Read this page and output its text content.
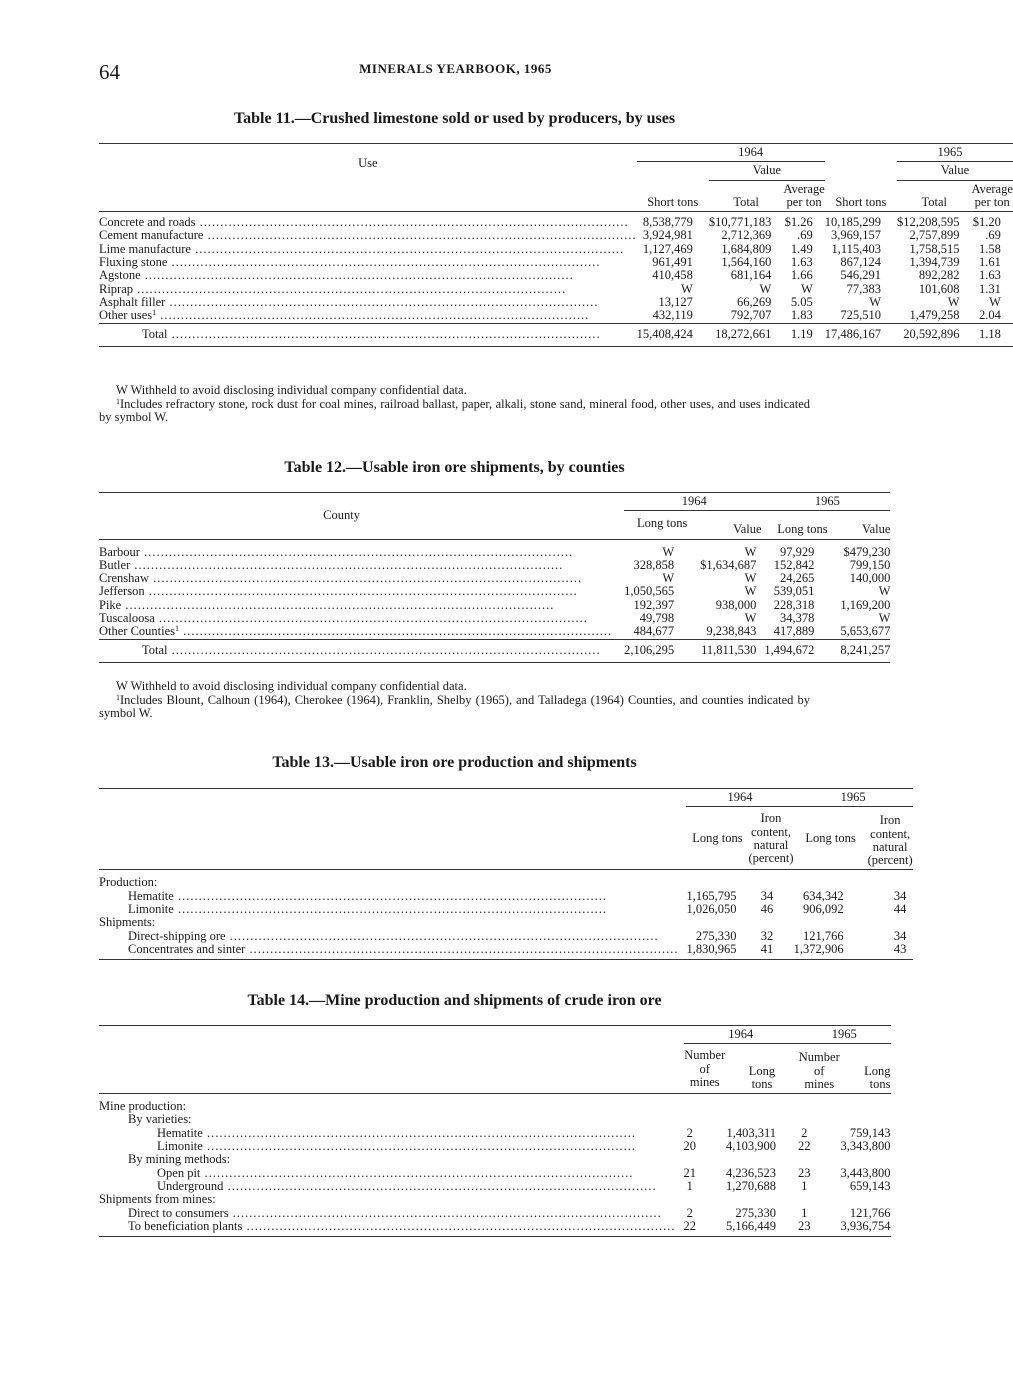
64	MINERALS YEARBOOK, 1965
Table 11.—Crushed limestone sold or used by producers, by uses
Use	1964				1965	
		Value			Value	
	Short tons	Total	Average
per ton	Short tons	Total	Average
per ton
Concrete and roads .....	8,538,779	$10,771,183	$1.26	10,185,299	$12,208,595	$1.20
Cement manufacture .....	3,924,981	2,712,369	.69	3,969,157	2,757,899	.69
Lime manufacture .....	1,127,469	1,684,809	1.49	1,115,403	1,758,515	1.58
Fluxing stone .....	961,491	1,564,160	1.63	867,124	1,394,739	1.61
Agstone .....	410,458	681,164	1.66	546,291	892,282	1.63
Riprap .....	W	W	W	77,383	101,608	1.31
Asphalt filler .....	13,127	66,269	5.05	W	W	W
Other uses$^1$ .....	432,119	792,707	1.83	725,510	1,479,258	2.04
Total .....	15,408,424	18,272,661	1.19	17,486,167	20,592,896	1.18

W Withheld to avoid disclosing individual company confidential data.

$^1$Includes refractory stone, rock dust for coal mines, railroad ballast, paper, alkali, stone sand, mineral food, other uses, and uses indicated by symbol W.

Table 12.—Usable iron ore shipments, by counties
County	1964		1965	
	Long tons	Value	Long tons	Value
Barbour .....	W	W	97,929	$479,230
Butler .....	328,858	$1,634,687	152,842	799,150
Crenshaw .....	W	W	24,265	140,000
Jefferson .....	1,050,565	W	539,051	W
Pike .....	192,397	938,000	228,318	1,169,200
Tuscaloosa .....	49,798	W	34,378	W
Other Counties$^1$ .....	484,677	9,238,843	417,889	5,653,677
Total .....	2,106,295	11,811,530	1,494,672	8,241,257

W Withheld to avoid disclosing individual company confidential data.

$^1$Includes Blount, Calhoun (1964), Cherokee (1964), Franklin, Shelby (1965), and Talladega (1964) Counties, and counties indicated by symbol W.

Table 13.—Usable iron ore production and shipments
	1964		1965	
	Long tons	Iron content,
natural
(percent)	Long tons	Iron content,
natural
(percent)
Production:				
Hematite .....	1,165,795	34	634,342	34
Limonite .....	1,026,050	46	906,092	44
Shipments:				
Direct-shipping ore .....	275,330	32	121,766	34
Concentrates and sinter .....	1,830,965	41	1,372,906	43
Table 14.—Mine production and shipments of crude iron ore
	1964		1965	
	Number
of mines	Long
tons	Number
of mines	Long
tons
Mine production:				
By varieties:				
Hematite .....	2	1,403,311	2	759,143
Limonite .....	20	4,103,900	22	3,343,800
By mining methods:				
Open pit .....	21	4,236,523	23	3,443,800
Underground .....	1	1,270,688	1	659,143
Shipments from mines:				
Direct to consumers .....	2	275,330	1	121,766
To beneficiation plants .....	22	5,166,449	23	3,936,754
